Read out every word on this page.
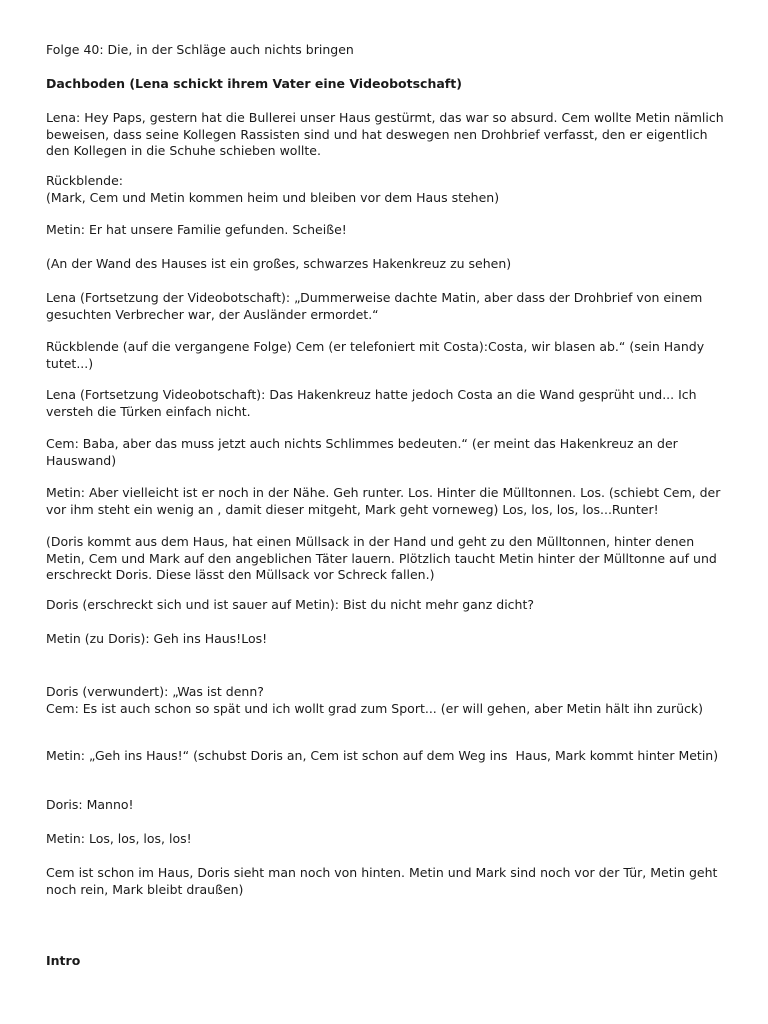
Folge 40: Die, in der Schläge auch nichts bringen

Dachboden (Lena schickt ihrem Vater eine Videobotschaft)

Lena: Hey Paps, gestern hat die Bullerei unser Haus gestürmt, das war so absurd. Cem wollte Metin nämlich  beweisen, dass seine Kollegen Rassisten sind und hat deswegen nen Drohbrief verfasst, den er eigentlich den Kollegen in die Schuhe schieben wollte.

Rückblende:
(Mark, Cem und Metin kommen heim und bleiben vor dem Haus stehen)

Metin: Er hat unsere Familie gefunden. Scheiße!

(An der Wand des Hauses ist ein großes, schwarzes Hakenkreuz zu sehen)

Lena (Fortsetzung der Videobotschaft): „Dummerweise dachte Matin, aber dass der Drohbrief von einem gesuchten Verbrecher war, der Ausländer ermordet.“

Rückblende (auf die vergangene Folge) Cem (er telefoniert mit Costa):Costa, wir blasen ab.“ (sein Handy tutet...)

Lena (Fortsetzung Videobotschaft): Das Hakenkreuz hatte jedoch Costa an die Wand gesprüht und... Ich versteh die Türken einfach nicht.

Cem: Baba, aber das muss jetzt auch nichts Schlimmes bedeuten.“ (er meint das Hakenkreuz an der Hauswand)

Metin: Aber vielleicht ist er noch in der Nähe. Geh runter. Los. Hinter die Mülltonnen. Los. (schiebt Cem, der vor ihm steht ein wenig an , damit dieser mitgeht, Mark geht vorneweg) Los, los, los, los...Runter!

(Doris kommt aus dem Haus, hat einen Müllsack in der Hand und geht zu den Mülltonnen, hinter denen Metin, Cem und Mark auf den angeblichen Täter lauern. Plötzlich taucht Metin hinter der Mülltonne auf und erschreckt Doris. Diese lässt den Müllsack vor Schreck fallen.)

Doris (erschreckt sich und ist sauer auf Metin): Bist du nicht mehr ganz dicht?

Metin (zu Doris): Geh ins Haus!Los!

Doris (verwundert): „Was ist denn?
Cem: Es ist auch schon so spät und ich wollt grad zum Sport... (er will gehen, aber Metin hält ihn zurück)

Metin: „Geh ins Haus!“ (schubst Doris an, Cem ist schon auf dem Weg ins  Haus, Mark kommt hinter Metin)

Doris: Manno!

Metin: Los, los, los, los!

Cem ist schon im Haus, Doris sieht man noch von hinten. Metin und Mark sind noch vor der Tür, Metin geht noch rein, Mark bleibt draußen)

Intro
